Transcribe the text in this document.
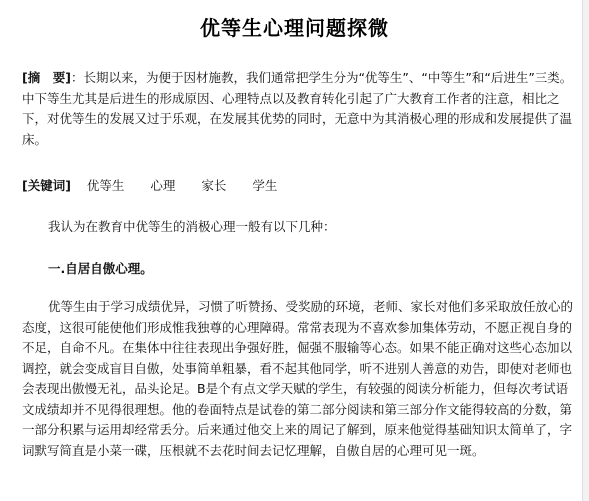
优等生心理问题探微

[摘　要]：长期以来，为便于因材施教，我们通常把学生分为“优等生”、“中等生”和“后进生”三类。中下等生尤其是后进生的形成原因、心理特点以及教育转化引起了广大教育工作者的注意，相比之下，对优等生的发展又过于乐观，在发展其优势的同时，无意中为其消极心理的形成和发展提供了温床。

[关键词] 优等生 心理 家长 学生
我认为在教育中优等生的消极心理一般有以下几种：
一.自居自傲心理。

优等生由于学习成绩优异，习惯了听赞扬、受奖励的环境，老师、家长对他们多采取放任放心的态度，这很可能使他们形成惟我独尊的心理障碍。常常表现为不喜欢参加集体劳动，不愿正视自身的不足，自命不凡。在集体中往往表现出争强好胜，倔强不服输等心态。如果不能正确对这些心态加以调控，就会变成盲目自傲，处事简单粗暴，看不起其他同学，听不进别人善意的劝告，即使对老师也会表现出傲慢无礼，品头论足。B是个有点文学天赋的学生，有较强的阅读分析能力，但每次考试语文成绩却并不见得很理想。他的卷面特点是试卷的第二部分阅读和第三部分作文能得较高的分数，第一部分积累与运用却经常丢分。后来通过他交上来的周记了解到，原来他觉得基础知识太简单了，字词默写简直是小菜一碟，压根就不去花时间去记忆理解，自傲自居的心理可见一斑。
